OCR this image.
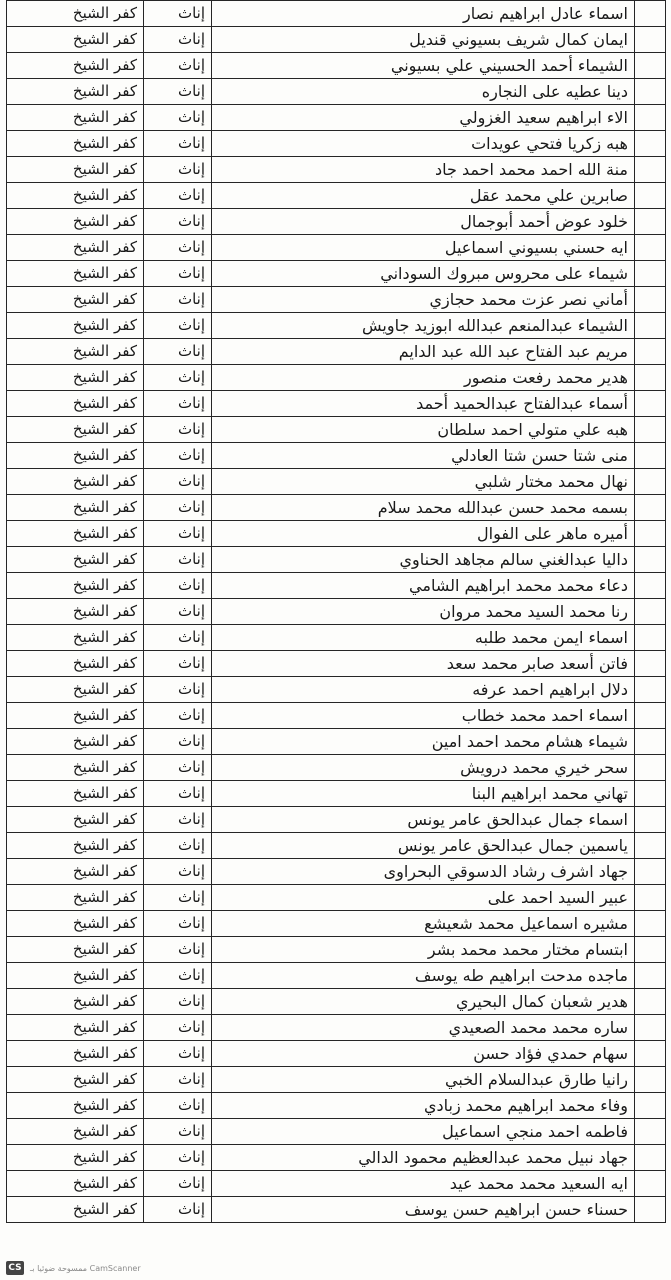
كفر الشيخ	إناث	اسماء عادل ابراهيم نصار	
كفر الشيخ	إناث	ايمان كمال شريف بسيوني قنديل	
كفر الشيخ	إناث	الشيماء أحمد الحسيني علي بسيوني	
كفر الشيخ	إناث	دينا عطيه على النجاره	
كفر الشيخ	إناث	الاء ابراهيم سعيد الغزولي	
كفر الشيخ	إناث	هبه زكريا فتحي عويدات	
كفر الشيخ	إناث	منة الله احمد محمد احمد جاد	
كفر الشيخ	إناث	صابرين علي محمد عقل	
كفر الشيخ	إناث	خلود عوض أحمد أبوجمال	
كفر الشيخ	إناث	ايه حسني بسيوني اسماعيل	
كفر الشيخ	إناث	شيماء على محروس مبروك السوداني	
كفر الشيخ	إناث	أماني نصر عزت محمد حجازي	
كفر الشيخ	إناث	الشيماء عبدالمنعم عبدالله ابوزيد جاويش	
كفر الشيخ	إناث	مريم عبد الفتاح عبد الله عبد الدايم	
كفر الشيخ	إناث	هدير محمد رفعت منصور	
كفر الشيخ	إناث	أسماء عبدالفتاح عبدالحميد أحمد	
كفر الشيخ	إناث	هبه علي متولي احمد سلطان	
كفر الشيخ	إناث	منى شتا حسن شتا العادلي	
كفر الشيخ	إناث	نهال محمد مختار شلبي	
كفر الشيخ	إناث	بسمه محمد حسن عبدالله محمد سلام	
كفر الشيخ	إناث	أميره ماهر على الفوال	
كفر الشيخ	إناث	داليا عبدالغني سالم مجاهد الحناوي	
كفر الشيخ	إناث	دعاء محمد محمد ابراهيم الشامي	
كفر الشيخ	إناث	رنا محمد السيد محمد مروان	
كفر الشيخ	إناث	اسماء ايمن محمد طلبه	
كفر الشيخ	إناث	فاتن أسعد صابر محمد سعد	
كفر الشيخ	إناث	دلال ابراهيم احمد عرفه	
كفر الشيخ	إناث	اسماء احمد محمد خطاب	
كفر الشيخ	إناث	شيماء هشام محمد احمد امين	
كفر الشيخ	إناث	سحر خيري محمد درويش	
كفر الشيخ	إناث	تهاني محمد ابراهيم البنا	
كفر الشيخ	إناث	اسماء جمال عبدالحق عامر يونس	
كفر الشيخ	إناث	ياسمين جمال عبدالحق عامر يونس	
كفر الشيخ	إناث	جهاد اشرف رشاد الدسوقي البحراوى	
كفر الشيخ	إناث	عبير السيد احمد على	
كفر الشيخ	إناث	مشيره اسماعيل محمد شعيشع	
كفر الشيخ	إناث	ابتسام مختار محمد محمد بشر	
كفر الشيخ	إناث	ماجده مدحت ابراهيم طه يوسف	
كفر الشيخ	إناث	هدير شعبان كمال البحيري	
كفر الشيخ	إناث	ساره محمد محمد الصعيدي	
كفر الشيخ	إناث	سهام حمدي فؤاد حسن	
كفر الشيخ	إناث	رانيا طارق عبدالسلام الخبي	
كفر الشيخ	إناث	وفاء محمد ابراهيم محمد زبادي	
كفر الشيخ	إناث	فاطمه احمد منجي اسماعيل	
كفر الشيخ	إناث	جهاد نبيل محمد عبدالعظيم محمود الدالي	
كفر الشيخ	إناث	ايه السعيد محمد محمد عيد	
كفر الشيخ	إناث	حسناء حسن ابراهيم حسن يوسف	
CS ممسوحة ضوئيا بـ CamScanner
